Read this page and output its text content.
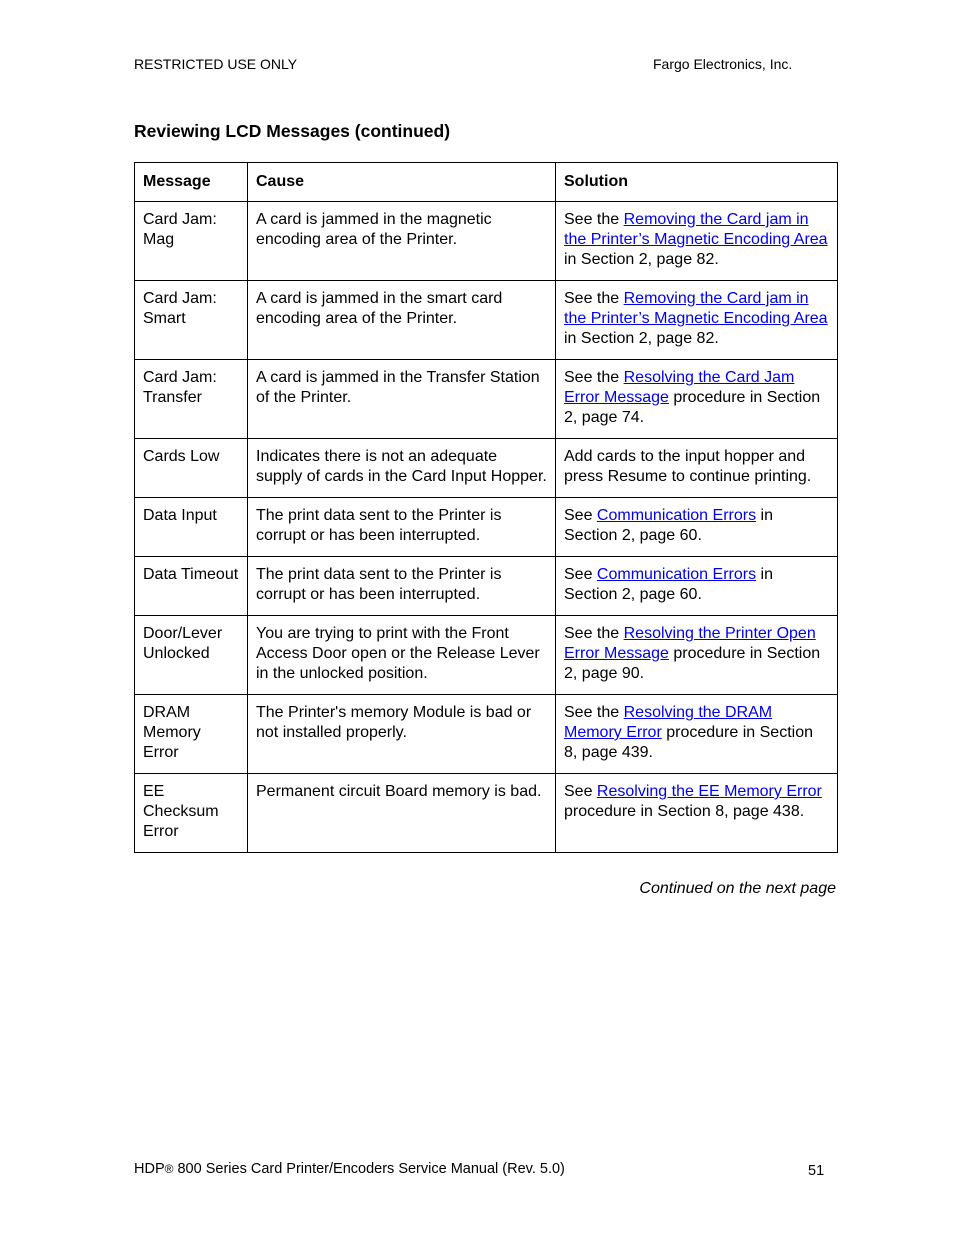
RESTRICTED USE ONLY	Fargo Electronics, Inc.
Reviewing LCD Messages (continued)
Message	Cause	Solution
Card Jam: Mag	A card is jammed in the magnetic encoding area of the Printer.	See the Removing the Card jam in the Printer’s Magnetic Encoding Area in Section 2, page 82.
Card Jam: Smart	A card is jammed in the smart card encoding area of the Printer.	See the Removing the Card jam in the Printer’s Magnetic Encoding Area in Section 2, page 82.
Card Jam: Transfer	A card is jammed in the Transfer Station of the Printer.	See the Resolving the Card Jam Error Message procedure in Section 2, page 74.
Cards Low	Indicates there is not an adequate supply of cards in the Card Input Hopper.	Add cards to the input hopper and press Resume to continue printing.
Data Input	The print data sent to the Printer is corrupt or has been interrupted.	See Communication Errors in Section 2, page 60.
Data Timeout	The print data sent to the Printer is corrupt or has been interrupted.	See Communication Errors in Section 2, page 60.
Door/Lever Unlocked	You are trying to print with the Front Access Door open or the Release Lever in the unlocked position.	See the Resolving the Printer Open Error Message procedure in Section 2, page 90.
DRAM Memory Error	The Printer's memory Module is bad or not installed properly.	See the Resolving the DRAM Memory Error procedure in Section 8, page 439.
EE Checksum Error	Permanent circuit Board memory is bad.	See Resolving the EE Memory Error procedure in Section 8, page 438.
Continued on the next page
HDP® 800 Series Card Printer/Encoders Service Manual (Rev. 5.0)	51
